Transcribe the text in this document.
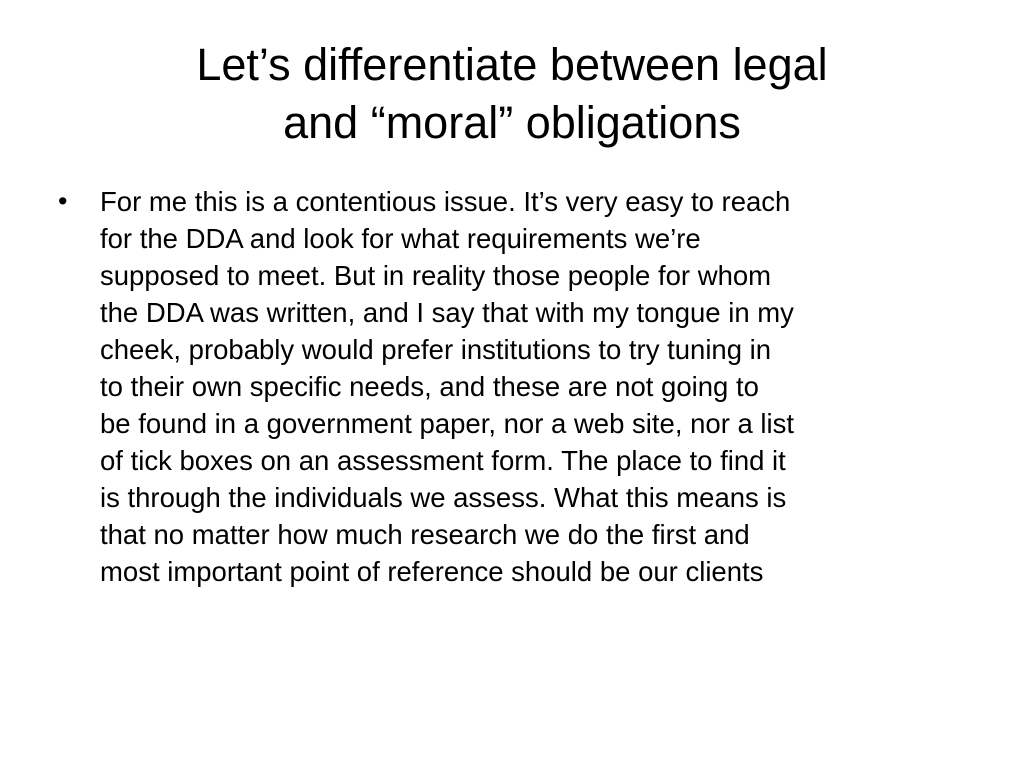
Let’s differentiate between legal
and “moral” obligations
• For me this is a contentious issue. It’s very easy to reach
for the DDA and look for what requirements we’re
supposed to meet. But in reality those people for whom
the DDA was written, and I say that with my tongue in my
cheek, probably would prefer institutions to try tuning in
to their own specific needs, and these are not going to
be found in a government paper, nor a web site, nor a list
of tick boxes on an assessment form. The place to find it
is through the individuals we assess. What this means is
that no matter how much research we do the first and
most important point of reference should be our clients
